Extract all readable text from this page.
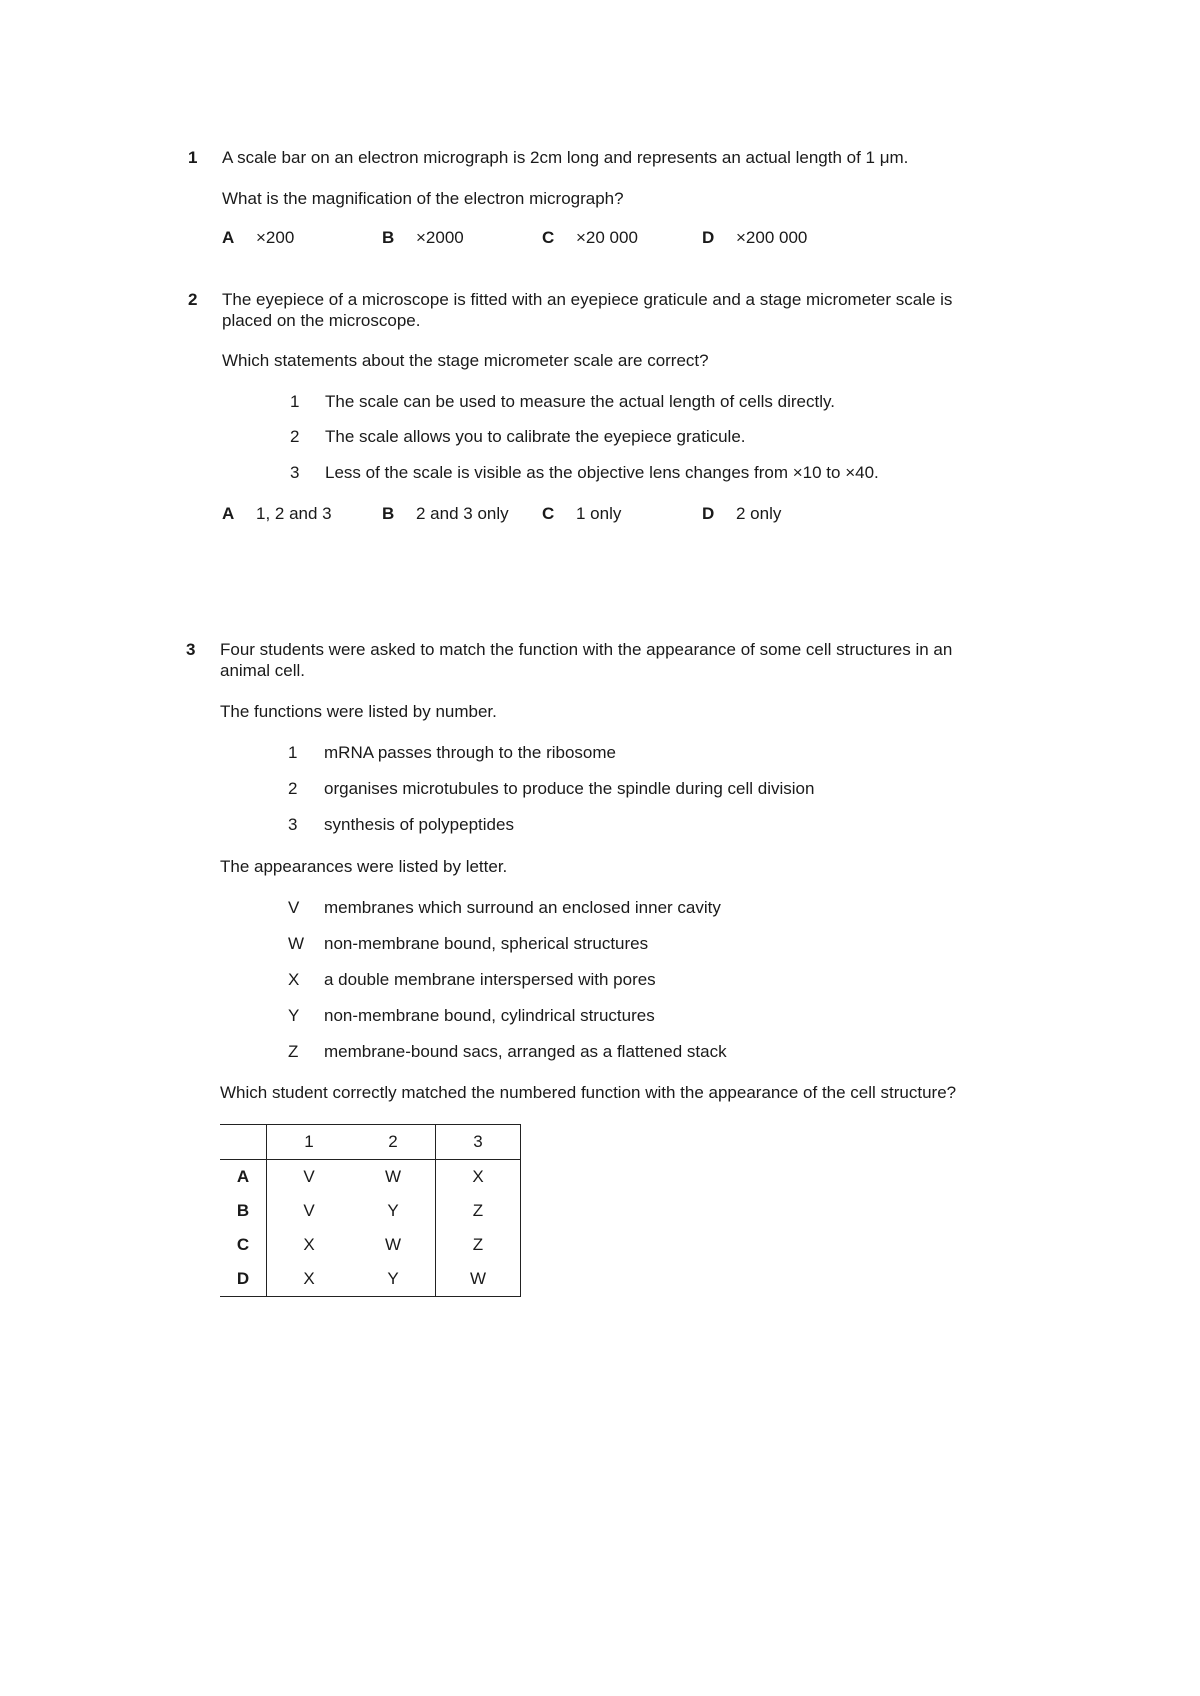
1 A scale bar on an electron micrograph is 2cm long and represents an actual length of 1 μm.
What is the magnification of the electron micrograph?
A ×200	B ×2000	C ×20 000	D ×200 000
2 The eyepiece of a microscope is fitted with an eyepiece graticule and a stage micrometer scale is
placed on the microscope.
Which statements about the stage micrometer scale are correct?
1 The scale can be used to measure the actual length of cells directly.
2 The scale allows you to calibrate the eyepiece graticule.
3 Less of the scale is visible as the objective lens changes from ×10 to ×40.
A 1, 2 and 3	B 2 and 3 only C 1 only	D 2 only
3 Four students were asked to match the function with the appearance of some cell structures in an
animal cell.
The functions were listed by number.
1 mRNA passes through to the ribosome
2 organises microtubules to produce the spindle during cell division
3 synthesis of polypeptides
The appearances were listed by letter.
V membranes which surround an enclosed inner cavity
W non-membrane bound, spherical structures
X a double membrane interspersed with pores
Y non-membrane bound, cylindrical structures
Z membrane-bound sacs, arranged as a flattened stack
Which student correctly matched the numbered function with the appearance of the cell structure?
	1	2	3
A	V	W	X
B	V	Y	Z
C	X	W	Z
D	X	Y	W
